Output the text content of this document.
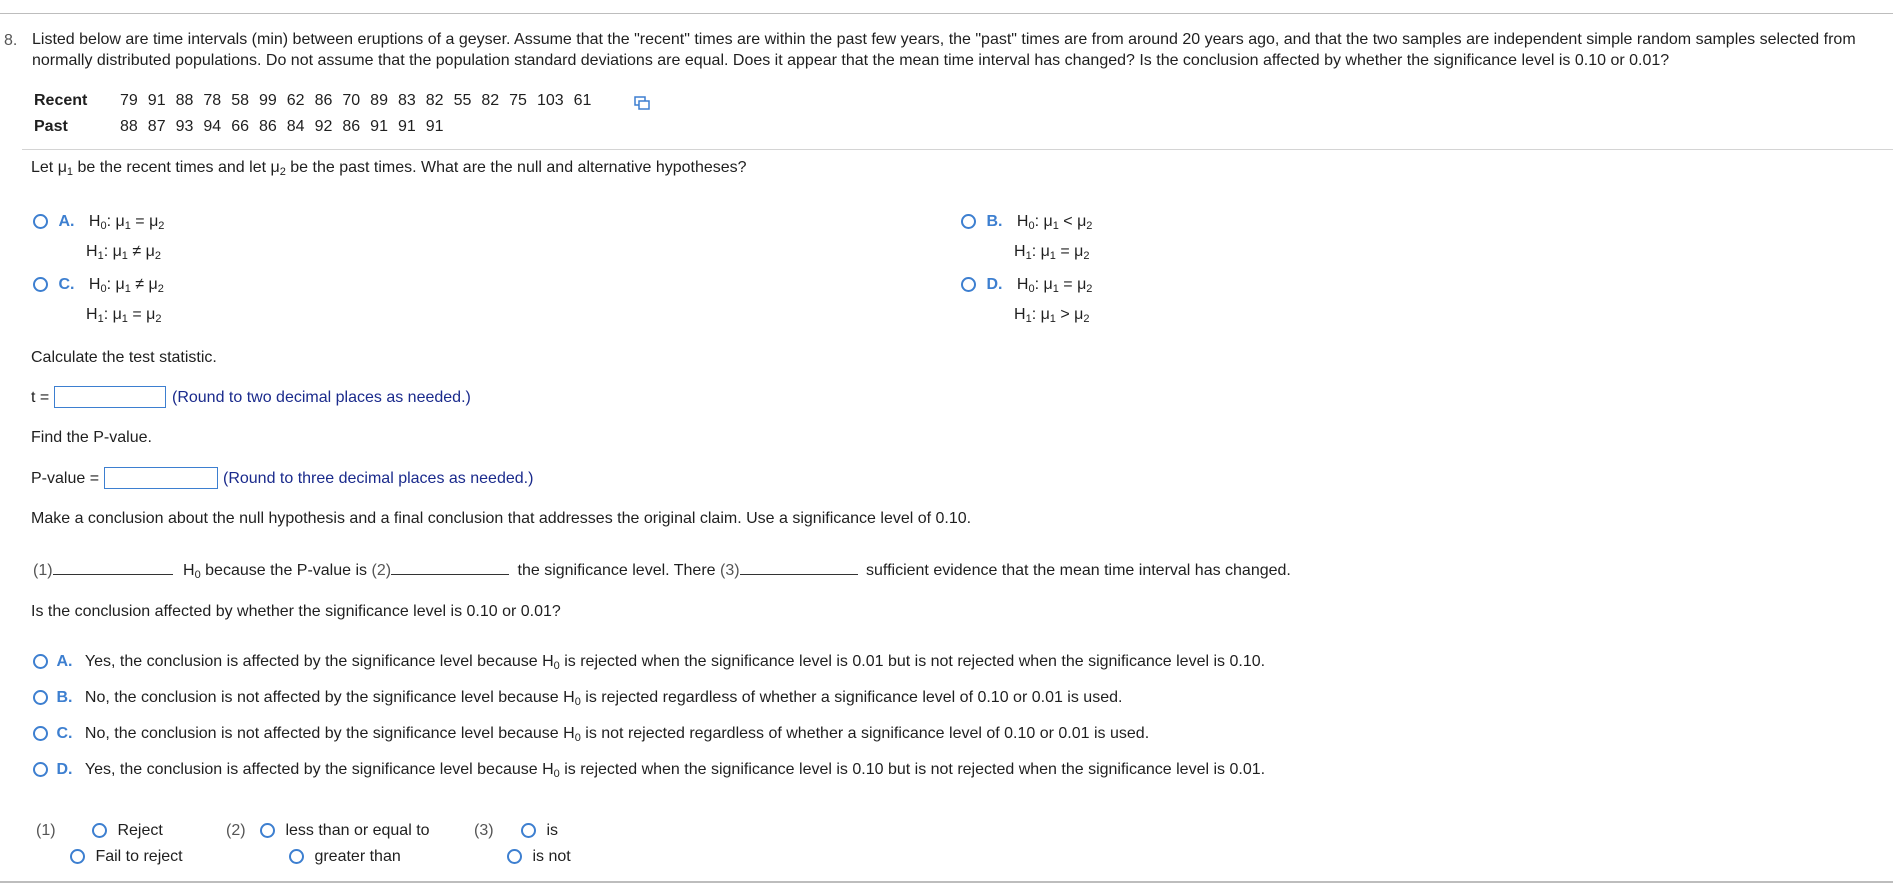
8. Listed below are time intervals (min) between eruptions of a geyser. Assume that the "recent" times are within the past few years, the "past" times are from around 20 years ago, and that the two samples are independent simple random samples selected from normally distributed populations. Do not assume that the population standard deviations are equal. Does it appear that the mean time interval has changed? Is the conclusion affected by whether the significance level is 0.10 or 0.01?
Recent 79 91 88 78 58 99 62 86 70 89 83 82 55 82 75 103 61
Past	88 87 93 94 66 86 84 92 86 91 91 91
Let $\mu_1$ be the recent times and let $\mu_2$ be the past times. What are the null and alternative hypotheses?
A. $H_0$: $\mu_1 = \mu_2$
$H_1$: $\mu_1 \ne \mu_2$
B. $H_0$: $\mu_1 < \mu_2$
$H_1$: $\mu_1 = \mu_2$
C. $H_0$: $\mu_1 \ne \mu_2$
$H_1$: $\mu_1 = \mu_2$
D. $H_0$: $\mu_1 = \mu_2$
$H_1$: $\mu_1 > \mu_2$
Calculate the test statistic.
t =	(Round to two decimal places as needed.)
Find the P-value.
P-value =	(Round to three decimal places as needed.)
Make a conclusion about the null hypothesis and a final conclusion that addresses the original claim. Use a significance level of 0.10.
(1)	$H_0$ because the P-value is (2)	the significance level. There (3)	sufficient evidence that the mean time interval has changed.
Is the conclusion affected by whether the significance level is 0.10 or 0.01?
A. Yes, the conclusion is affected by the significance level because $H_0$ is rejected when the significance level is 0.01 but is not rejected when the significance level is 0.10.
B. No, the conclusion is not affected by the significance level because $H_0$ is rejected regardless of whether a significance level of 0.10 or 0.01 is used.
C. No, the conclusion is not affected by the significance level because $H_0$ is not rejected regardless of whether a significance level of 0.10 or 0.01 is used.
D. Yes, the conclusion is affected by the significance level because $H_0$ is rejected when the significance level is 0.10 but is not rejected when the significance level is 0.01.
(1)	Reject
Fail to reject
(2)	less than or equal to
greater than
(3)	is
is not
